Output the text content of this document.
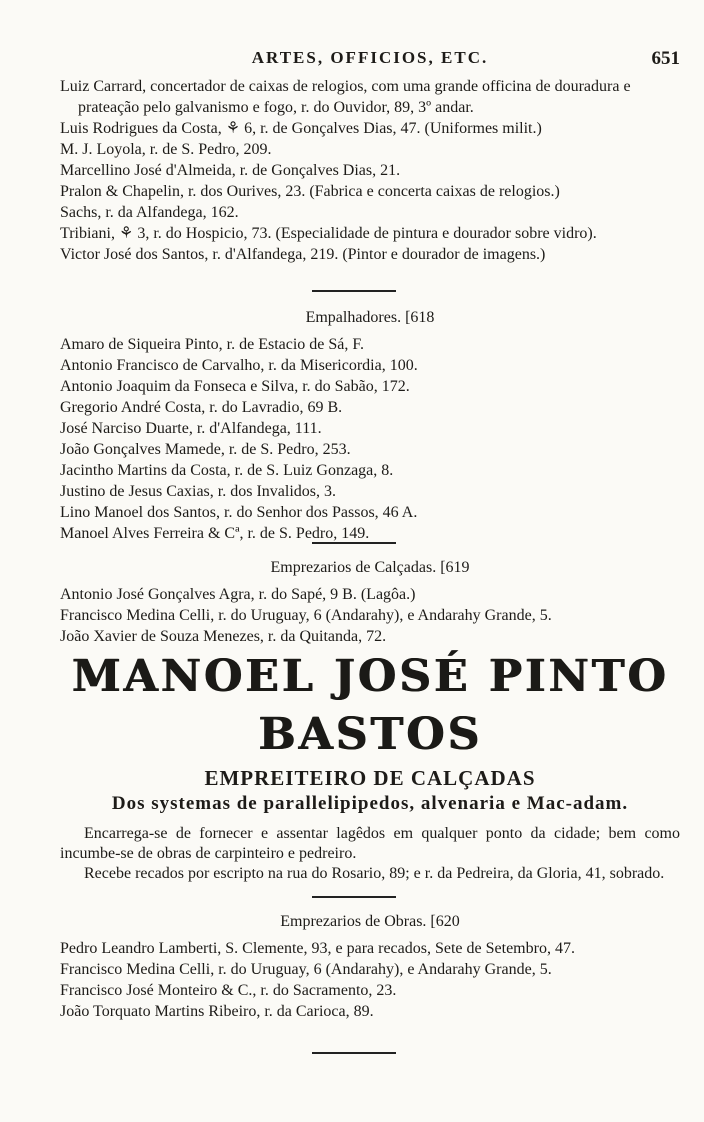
ARTES, OFFICIOS, ETC.	651

Luiz Carrard, concertador de caixas de relogios, com uma grande officina de douradura e prateação pelo galvanismo e fogo, r. do Ouvidor, 89, 3º andar.

Luis Rodrigues da Costa, ⚘ 6, r. de Gonçalves Dias, 47. (Uniformes milit.)

M. J. Loyola, r. de S. Pedro, 209.

Marcellino José d'Almeida, r. de Gonçalves Dias, 21.

Pralon & Chapelin, r. dos Ourives, 23. (Fabrica e concerta caixas de relogios.)

Sachs, r. da Alfandega, 162.

Tribiani, ⚘ 3, r. do Hospicio, 73. (Especialidade de pintura e dourador sobre vidro).

Victor José dos Santos, r. d'Alfandega, 219. (Pintor e dourador de imagens.)

Empalhadores. [618

Amaro de Siqueira Pinto, r. de Estacio de Sá, F.

Antonio Francisco de Carvalho, r. da Misericordia, 100.

Antonio Joaquim da Fonseca e Silva, r. do Sabão, 172.

Gregorio André Costa, r. do Lavradio, 69 B.

José Narciso Duarte, r. d'Alfandega, 111.

João Gonçalves Mamede, r. de S. Pedro, 253.

Jacintho Martins da Costa, r. de S. Luiz Gonzaga, 8.

Justino de Jesus Caxias, r. dos Invalidos, 3.

Lino Manoel dos Santos, r. do Senhor dos Passos, 46 A.

Manoel Alves Ferreira & Cª, r. de S. Pedro, 149.

Emprezarios de Calçadas. [619

Antonio José Gonçalves Agra, r. do Sapé, 9 B. (Lagôa.)

Francisco Medina Celli, r. do Uruguay, 6 (Andarahy), e Andarahy Grande, 5.

João Xavier de Souza Menezes, r. da Quitanda, 72.

MANOEL JOSÉ PINTO BASTOS
EMPREITEIRO DE CALÇADAS
Dos systemas de parallelipipedos, alvenaria e Mac-adam.

Encarrega-se de fornecer e assentar lagêdos em qualquer ponto da cidade; bem como incumbe-se de obras de carpinteiro e pedreiro.

Recebe recados por escripto na rua do Rosario, 89; e r. da Pedreira, da Gloria, 41, sobrado.

Emprezarios de Obras. [620

Pedro Leandro Lamberti, S. Clemente, 93, e para recados, Sete de Setembro, 47.

Francisco Medina Celli, r. do Uruguay, 6 (Andarahy), e Andarahy Grande, 5.

Francisco José Monteiro & C., r. do Sacramento, 23.

João Torquato Martins Ribeiro, r. da Carioca, 89.
